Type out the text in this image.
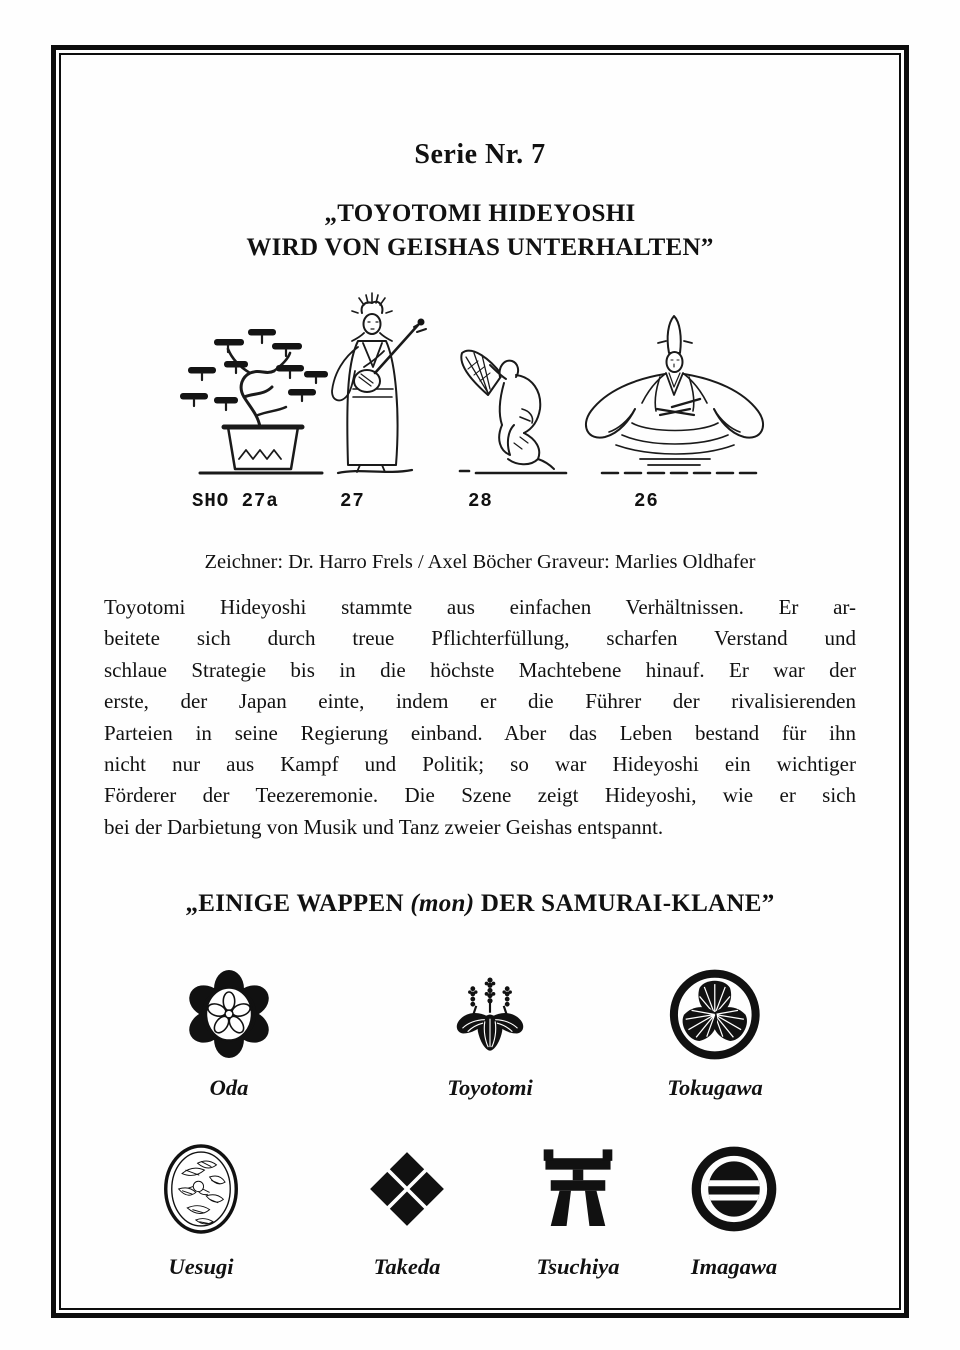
Serie Nr. 7
„TOYOTOMI HIDEYOSHI
WIRD VON GEISHAS UNTERHALTEN”
SHO 27a	27	28	26

Zeichner: Dr. Harro Frels / Axel Böcher Graveur: Marlies Oldhafer

Toyotomi Hideyoshi stammte aus einfachen Verhältnissen. Er ar-
beitete sich durch treue Pflichterfüllung, scharfen Verstand und
schlaue Strategie bis in die höchste Machtebene hinauf. Er war der
erste, der Japan einte, indem er die Führer der rivalisierenden
Parteien in seine Regierung einband. Aber das Leben bestand für ihn
nicht nur aus Kampf und Politik; so war Hideyoshi ein wichtiger
Förderer der Teezeremonie. Die Szene zeigt Hideyoshi, wie er sich
bei der Darbietung von Musik und Tanz zweier Geishas entspannt.
„EINIGE WAPPEN (mon) DER SAMURAI-KLANE”
Oda	Toyotomi	Tokugawa
Uesugi	Takeda	Tsuchiya	Imagawa
